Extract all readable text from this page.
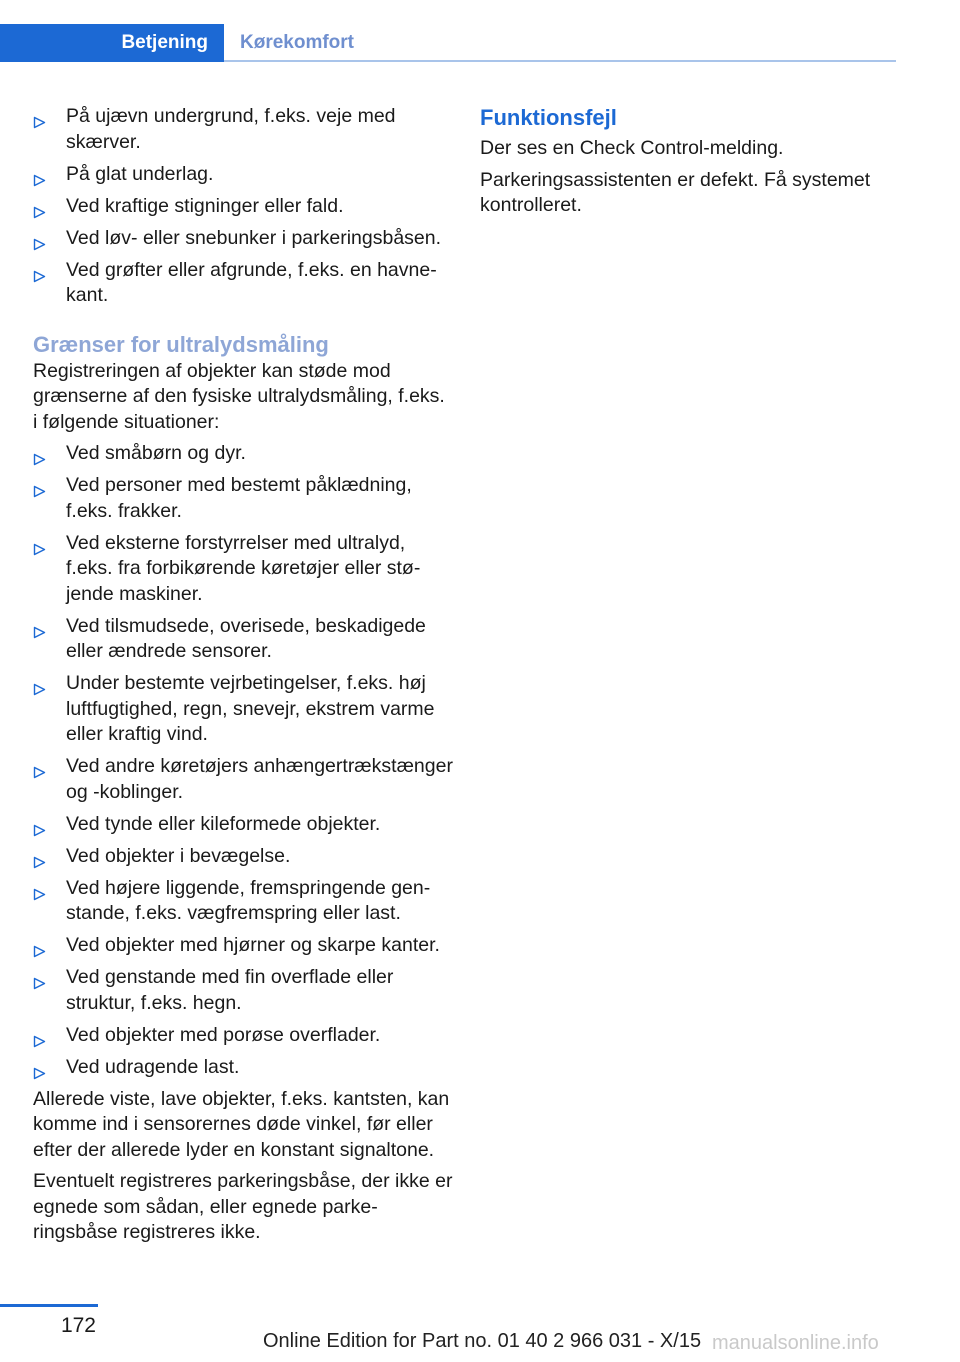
Betjening	Kørekomfort
På ujævn undergrund, f.eks. veje med skærver.
På glat underlag.
Ved kraftige stigninger eller fald.
Ved løv- eller snebunker i parkeringsbåsen.
Ved grøfter eller afgrunde, f.eks. en havnekant.
Grænser for ultralydsmåling

Registreringen af objekter kan støde mod grænserne af den fysiske ultralydsmåling, f.eks. i følgende situationer:

Ved småbørn og dyr.
Ved personer med bestemt påklædning, f.eks. frakker.
Ved eksterne forstyrrelser med ultralyd, f.eks. fra forbikørende køretøjer eller støjende maskiner.
Ved tilsmudsede, overisede, beskadigede eller ændrede sensorer.
Under bestemte vejrbetingelser, f.eks. høj luftfugtighed, regn, snevejr, ekstrem varme eller kraftig vind.
Ved andre køretøjers anhængertrækstænger og -koblinger.
Ved tynde eller kileformede objekter.
Ved objekter i bevægelse.
Ved højere liggende, fremspringende genstande, f.eks. vægfremspring eller last.
Ved objekter med hjørner og skarpe kanter.
Ved genstande med fin overflade eller struktur, f.eks. hegn.
Ved objekter med porøse overflader.
Ved udragende last.

Allerede viste, lave objekter, f.eks. kantsten, kan komme ind i sensorernes døde vinkel, før eller efter der allerede lyder en konstant signaltone.

Eventuelt registreres parkeringsbåse, der ikke er egnede som sådan, eller egnede parkeringsbåse registreres ikke.

Funktionsfejl

Der ses en Check Control-melding.

Parkeringsassistenten er defekt. Få systemet kontrolleret.

172
Online Edition for Part no. 01 40 2 966 031 - X/15 manualsonline.info
